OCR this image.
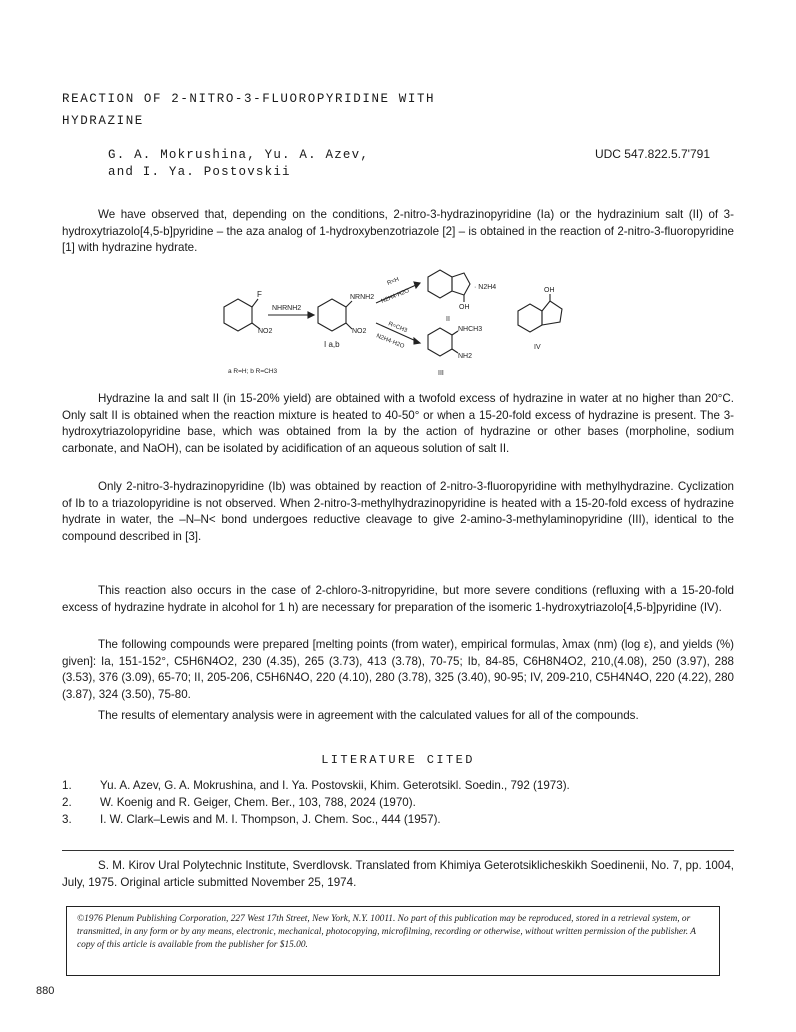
REACTION OF 2-NITRO-3-FLUOROPYRIDINE WITH
HYDRAZINE
G. A. Mokrushina, Yu. A. Azev,
and I. Ya. Postovskii
UDC 547.822.5.7'791

We have observed that, depending on the conditions, 2-nitro-3-hydrazinopyridine (Ia) or the hydrazinium salt (II) of 3-hydroxytriazolo[4,5-b]pyridine – the aza analog of 1-hydroxybenzotriazole [2] – is obtained in the reaction of 2-nitro-3-fluoropyridine [1] with hydrazine hydrate.

F
NO2
NHRNH2
NRNH2
NO2
I a,b
R=H
N2H4·H2O
R=CH3
N2H4·H2O
OH
· N2H4
II
NHCH3
NH2
III
OH
IV
a R=H; b R=CH3

Hydrazine Ia and salt II (in 15-20% yield) are obtained with a twofold excess of hydrazine in water at no higher than 20°C. Only salt II is obtained when the reaction mixture is heated to 40-50° or when a 15-20-fold excess of hydrazine is present. The 3-hydroxytriazolopyridine base, which was obtained from Ia by the action of hydrazine or other bases (morpholine, sodium carbonate, and NaOH), can be isolated by acidification of an aqueous solution of salt II.

Only 2-nitro-3-hydrazinopyridine (Ib) was obtained by reaction of 2-nitro-3-fluoropyridine with methylhydrazine. Cyclization of Ib to a triazolopyridine is not observed. When 2-nitro-3-methylhydrazinopyridine is heated with a 15-20-fold excess of hydrazine hydrate in water, the –N–N< bond undergoes reductive cleavage to give 2-amino-3-methylaminopyridine (III), identical to the compound described in [3].

This reaction also occurs in the case of 2-chloro-3-nitropyridine, but more severe conditions (refluxing with a 15-20-fold excess of hydrazine hydrate in alcohol for 1 h) are necessary for preparation of the isomeric 1-hydroxytriazolo[4,5-b]pyridine (IV).

The following compounds were prepared [melting points (from water), empirical formulas, λmax (nm) (log ε), and yields (%) given]: Ia, 151-152°, C5H6N4O2, 230 (4.35), 265 (3.73), 413 (3.78), 70-75; Ib, 84-85, C6H8N4O2, 210,(4.08), 250 (3.97), 288 (3.53), 376 (3.09), 65-70; II, 205-206, C5H6N4O, 220 (4.10), 280 (3.78), 325 (3.40), 90-95; IV, 209-210, C5H4N4O, 220 (4.22), 280 (3.87), 324 (3.50), 75-80.

The results of elementary analysis were in agreement with the calculated values for all of the compounds.

LITERATURE CITED
1.	Yu. A. Azev, G. A. Mokrushina, and I. Ya. Postovskii, Khim. Geterotsikl. Soedin., 792 (1973).
2.	W. Koenig and R. Geiger, Chem. Ber., 103, 788, 2024 (1970).
3.	I. W. Clark–Lewis and M. I. Thompson, J. Chem. Soc., 444 (1957).
S. M. Kirov Ural Polytechnic Institute, Sverdlovsk. Translated from Khimiya Geterotsiklicheskikh Soedinenii, No. 7, pp. 1004, July, 1975. Original article submitted November 25, 1974.
©1976 Plenum Publishing Corporation, 227 West 17th Street, New York, N.Y. 10011. No part of this publication may be reproduced, stored in a retrieval system, or transmitted, in any form or by any means, electronic, mechanical, photocopying, microfilming, recording or otherwise, without written permission of the publisher. A copy of this article is available from the publisher for $15.00.
880
